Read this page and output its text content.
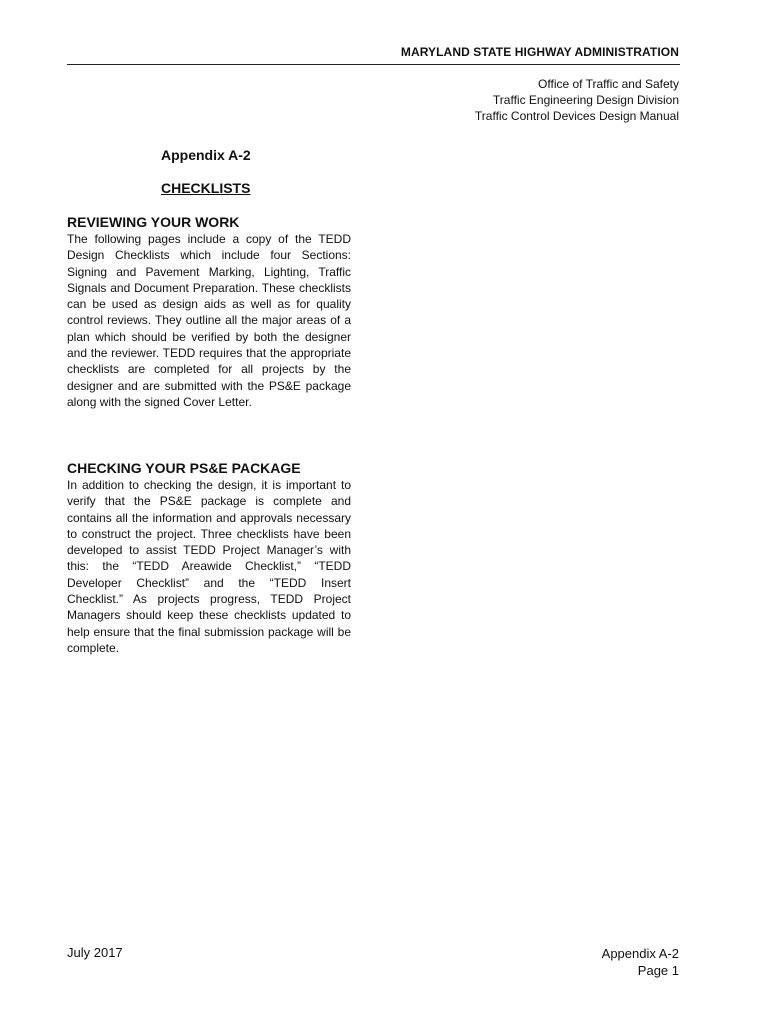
MARYLAND STATE HIGHWAY ADMINISTRATION
Office of Traffic and Safety
Traffic Engineering Design Division
Traffic Control Devices Design Manual
Appendix A-2
CHECKLISTS
REVIEWING YOUR WORK

The following pages include a copy of the TEDD Design Checklists which include four Sections: Signing and Pavement Marking, Lighting, Traffic Signals and Document Preparation. These checklists can be used as design aids as well as for quality control reviews. They outline all the major areas of a plan which should be verified by both the designer and the reviewer. TEDD requires that the appropriate checklists are completed for all projects by the designer and are submitted with the PS&E package along with the signed Cover Letter.

CHECKING YOUR PS&E PACKAGE

In addition to checking the design, it is important to verify that the PS&E package is complete and contains all the information and approvals necessary to construct the project. Three checklists have been developed to assist TEDD Project Manager’s with this: the “TEDD Areawide Checklist,” “TEDD Developer Checklist” and the “TEDD Insert Checklist.” As projects progress, TEDD Project Managers should keep these checklists updated to help ensure that the final submission package will be complete.

July 2017	Appendix A-2
Page 1
